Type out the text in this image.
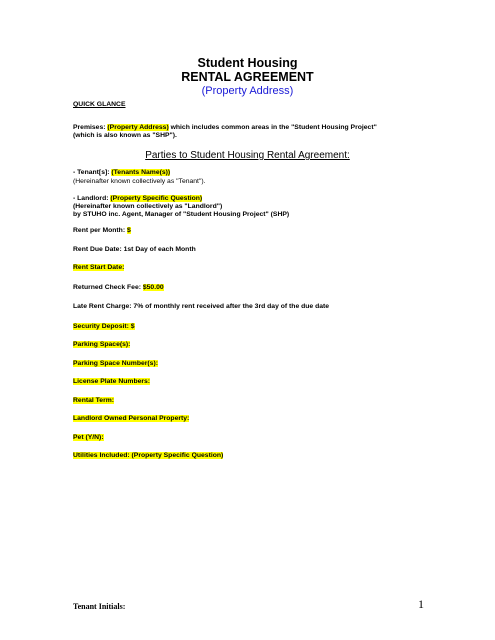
Student Housing
RENTAL AGREEMENT
(Property Address)
QUICK GLANCE
Premises: (Property Address) which includes common areas in the "Student Housing Project"
(which is also known as "SHP").
Parties to Student Housing Rental Agreement:
- Tenant[s]: (Tenants Name(s))
(Hereinafter known collectively as "Tenant").
- Landlord: (Property Specific Question)
(Hereinafter known collectively as "Landlord")
by STUHO inc. Agent, Manager of "Student Housing Project" (SHP)
Rent per Month: $
Rent Due Date: 1st Day of each Month
Rent Start Date:
Returned Check Fee: $50.00
Late Rent Charge: 7% of monthly rent received after the 3rd day of the due date
Security Deposit: $
Parking Space(s):
Parking Space Number(s):
License Plate Numbers:
Rental Term:
Landlord Owned Personal Property:
Pet (Y/N):
Utilities Included: (Property Specific Question)
Tenant Initials:	1
